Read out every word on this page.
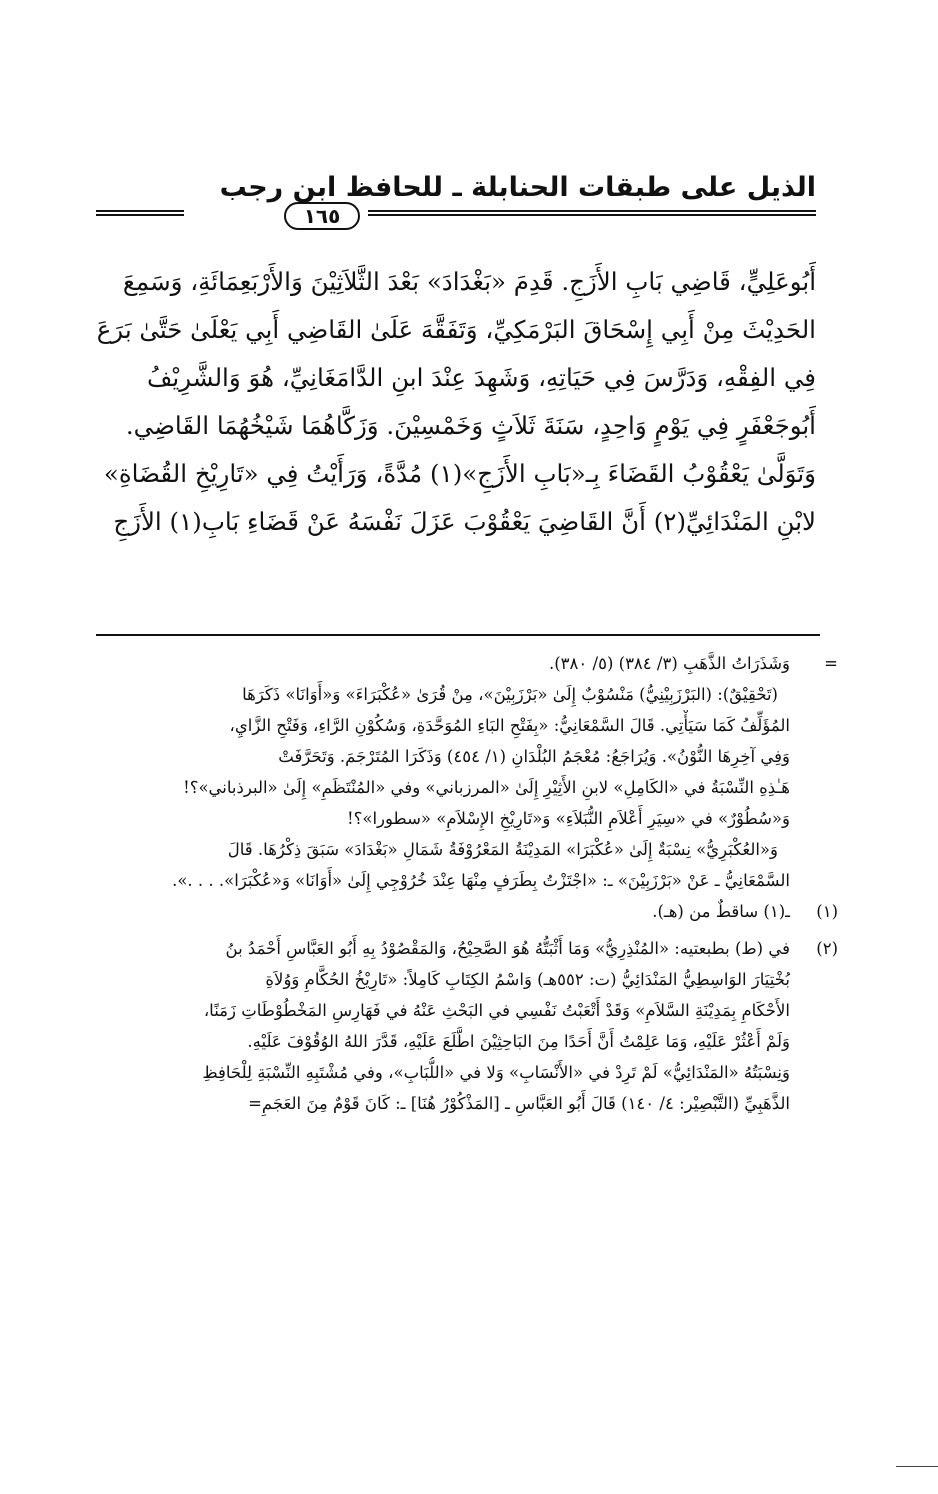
الذيل على طبقات الحنابلة ـ للحافظ ابن رجب
١٦٥
أَبُوعَلِيٍّ، قَاضِي بَابِ الأَزَجِ. قَدِمَ «بَغْدَادَ» بَعْدَ الثَّلاَثِيْنَ وَالأَرْبَعِمَائَةِ، وَسَمِعَ
الحَدِيْثَ مِنْ أَبِي إِسْحَاقَ البَرْمَكِيِّ، وَتَفَقَّهَ عَلَىٰ القَاضِي أَبِي يَعْلَىٰ حَتَّىٰ بَرَعَ
فِي الفِقْهِ، وَدَرَّسَ فِي حَيَاتِهِ، وَشَهِدَ عِنْدَ ابنِ الدَّامَغَانِيِّ، هُوَ وَالشَّرِيْفُ
أَبُوجَعْفَرٍ فِي يَوْمٍ وَاحِدٍ، سَنَةَ ثَلاَثٍ وَخَمْسِيْنَ. وَزَكَّاهُمَا شَيْخُهُمَا القَاضِي.
وَتَوَلَّىٰ يَعْقُوْبُ القَضَاءَ بِـ«بَابِ الأَزَجِ»(١) مُدَّةً، وَرَأَيْتُ فِي «تَارِيْخِ القُضَاةِ»
لابْنِ المَنْدَائِيِّ(٢) أَنَّ القَاضِيَ يَعْقُوْبَ عَزَلَ نَفْسَهُ عَنْ قَضَاءِ بَابِ(١) الأَزَجِ
=وَشَذَرَاتُ الذَّهَبِ (٣/ ٣٨٤) (٥/ ٣٨٠).
(تَحْقِيْقٌ): (البَرْزَبِيْنِيُّ) مَنْسُوْبٌ إِلَىٰ «بَرْزَبِيْنَ»، مِنْ قُرَىٰ «عُكْبَرَاءَ» وَ«أَوَانَا» ذَكَرَهَا
المُؤَلِّفُ كَمَا سَيَأْتِي. قَالَ السَّمْعَانِيُّ: «بِفَتْحِ البَاءِ المُوَحَّدَةِ، وَسُكُوْنِ الرَّاءِ، وَفَتْحِ الزَّايِ،
وَفِي آخِرِهَا النُّوْنُ». وَيُرَاجَعُ: مُعْجَمُ البُلْدَانِ (١/ ٤٥٤) وَذَكَرَا المُتَرْجَمَ. وَتَحَرَّفَتْ
هَـٰذِهِ النِّسْبَةُ في «الكَامِلِ» لابنِ الأَثِيْرِ إِلَىٰ «المرزباني» وفي «المُنْتَظَمِ» إِلَىٰ «البرذباني»؟!
وَ«سُطُوْرٌ» في «سِيَرِ أَعْلاَمِ النُّبَلاَءِ» وَ«تَارِيْخِ الإِسْلاَمِ» «سطورا»؟!
وَ«العُكْبَرِيُّ» نِسْبَةٌ إِلَىٰ «عُكْبَرَا» المَدِيْنَةُ المَعْرُوْفَةُ شَمَالِ «بَغْدَادَ» سَبَقَ ذِكْرُهَا. قَالَ
السَّمْعَانِيُّ ـ عَنْ «بَرْزَبِيْنَ» ـ: «اجْتَزْتُ بِطَرَفٍ مِنْهَا عِنْدَ خُرُوْجِي إِلَىٰ «أَوَانَا» وَ«عُكْبَرَا». . . .».
(١)ـ(١) ساقطٌ من (هـ).
(٢)في (ط) بطبعتيه: «المُنْذِرِيُّ» وَمَا أَثْبَتُّهُ هُوَ الصَّحِيْحُ، وَالمَقْصُوْدُ بِهِ أَبُو العَبَّاسِ أَحْمَدُ بنُ
بُخْتِيَارَ الوَاسِطِيُّ المَنْدَائِيُّ (ت: ٥٥٢هـ) وَاسْمُ الكِتَابِ كَامِلاً: «تَارِيْخُ الحُكَّامِ وَوُلاَةِ
الأَحْكَامِ بِمَدِيْنَةِ السَّلاَمِ» وَقَدْ أَتْعَبْتُ نَفْسِي في البَحْثِ عَنْهُ في فَهَارِسِ المَخْطُوْطَاتِ زَمَنًا،
وَلَمْ أَعْثُرْ عَلَيْهِ، وَمَا عَلِمْتُ أَنَّ أَحَدًا مِنَ البَاحِثِيْنَ اطَّلَعَ عَلَيْهِ، قَدَّرَ اللهُ الوُقُوْفَ عَلَيْهِ.
وَنِسْبَتُهُ «المَنْدَائِيُّ» لَمْ تَرِدْ في «الأَنْسَابِ» وَلا في «اللُّبَابِ»، وفي مُشْتَبِهِ النِّسْبَةِ لِلْحَافِظِ
الذَّهَبِيِّ (التَّبْصِيْر: ٤/ ١٤٠) قَالَ أَبُو العَبَّاسِ ـ [المَذْكُوْرُ هُنَا] ـ: كَانَ قَوْمٌ مِنَ العَجَمِ=
